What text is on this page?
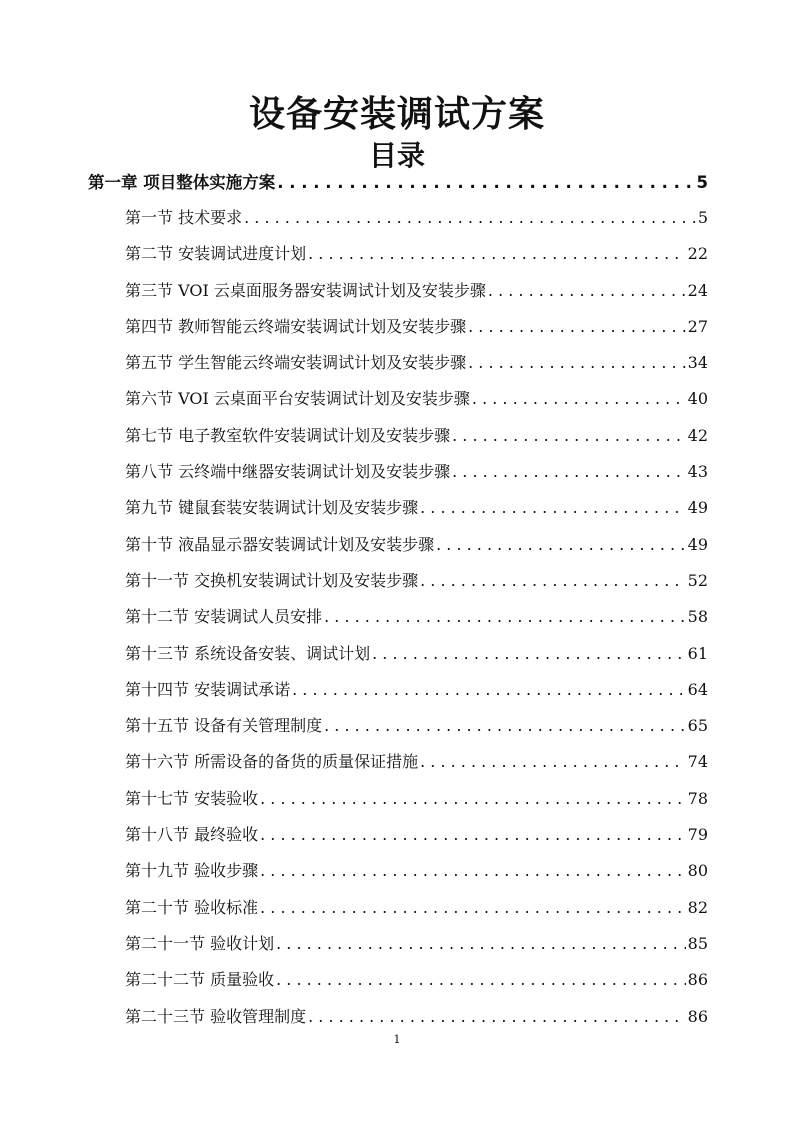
设备安装调试方案
目录
第一章 项目整体实施方案 . . .	5
第一节 技术要求 . . .	5
第二节 安装调试进度计划 . . .	22
第三节 VOI 云桌面服务器安装调试计划及安装步骤 . . .	24
第四节 教师智能云终端安装调试计划及安装步骤 . . .	27
第五节 学生智能云终端安装调试计划及安装步骤 . . .	34
第六节 VOI 云桌面平台安装调试计划及安装步骤 . . .	40
第七节 电子教室软件安装调试计划及安装步骤 . . .	42
第八节 云终端中继器安装调试计划及安装步骤 . . .	43
第九节 键鼠套装安装调试计划及安装步骤 . . .	49
第十节 液晶显示器安装调试计划及安装步骤 . . .	49
第十一节 交换机安装调试计划及安装步骤 . . .	52
第十二节 安装调试人员安排 . . .	58
第十三节 系统设备安装、调试计划 . . .	61
第十四节 安装调试承诺 . . .	64
第十五节 设备有关管理制度 . . .	65
第十六节 所需设备的备货的质量保证措施 . . .	74
第十七节 安装验收 . . .	78
第十八节 最终验收 . . .	79
第十九节 验收步骤 . . .	80
第二十节 验收标准 . . .	82
第二十一节 验收计划 . . .	85
第二十二节 质量验收 . . .	86
第二十三节 验收管理制度 . . .	86
1
